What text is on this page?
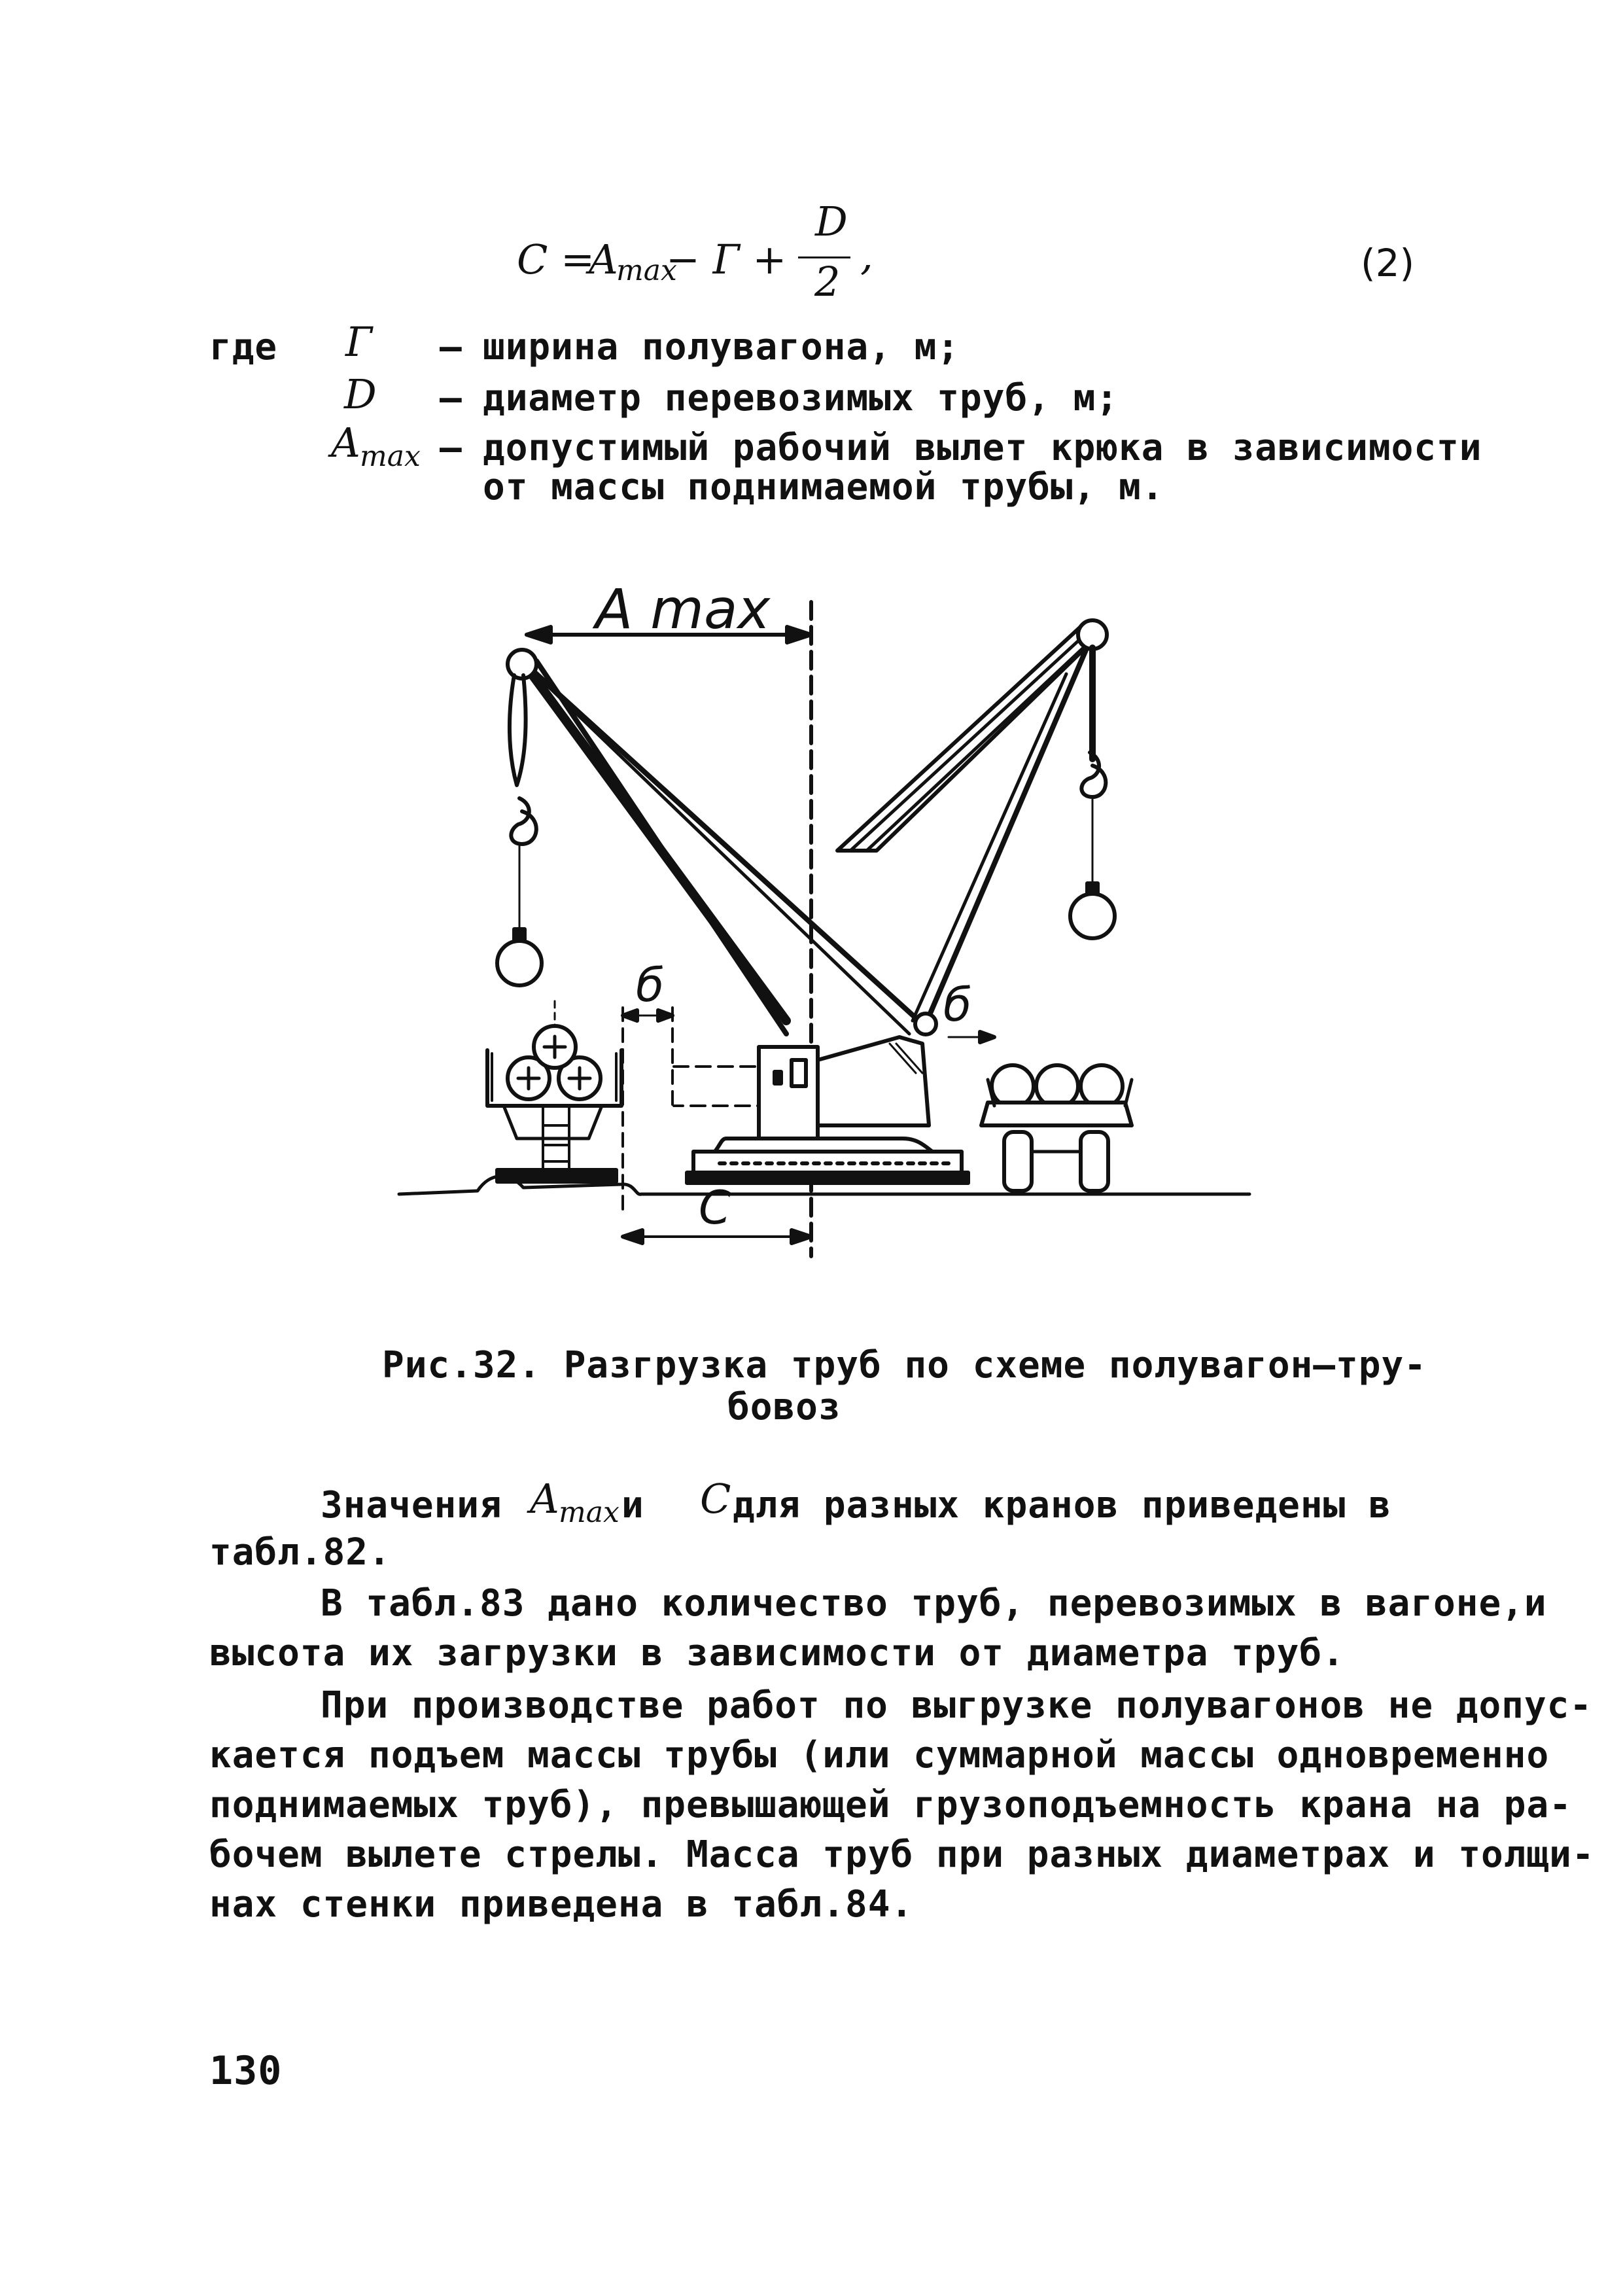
C =
A
max
− Г +
D
2
,	(2)
где Г – ширина полувагона, м;
D – диаметр перевозимых труб, м;
A max – допустимый рабочий вылет крюка в зависимости
от массы поднимаемой трубы, м.
A max
б	б
C
Рис.32. Разгрузка труб по схеме полувагон–тру-
бовоз
Значения A max и C для разных кранов приведены в
табл.82.
В табл.83 дано количество труб, перевозимых в вагоне,и
высота их загрузки в зависимости от диаметра труб.
При производстве работ по выгрузке полувагонов не допус-
кается подъем массы трубы (или суммарной массы одновременно
поднимаемых труб), превышающей грузоподъемность крана на ра-
бочем вылете стрелы. Масса труб при разных диаметрах и толщи-
нах стенки приведена в табл.84.
130
